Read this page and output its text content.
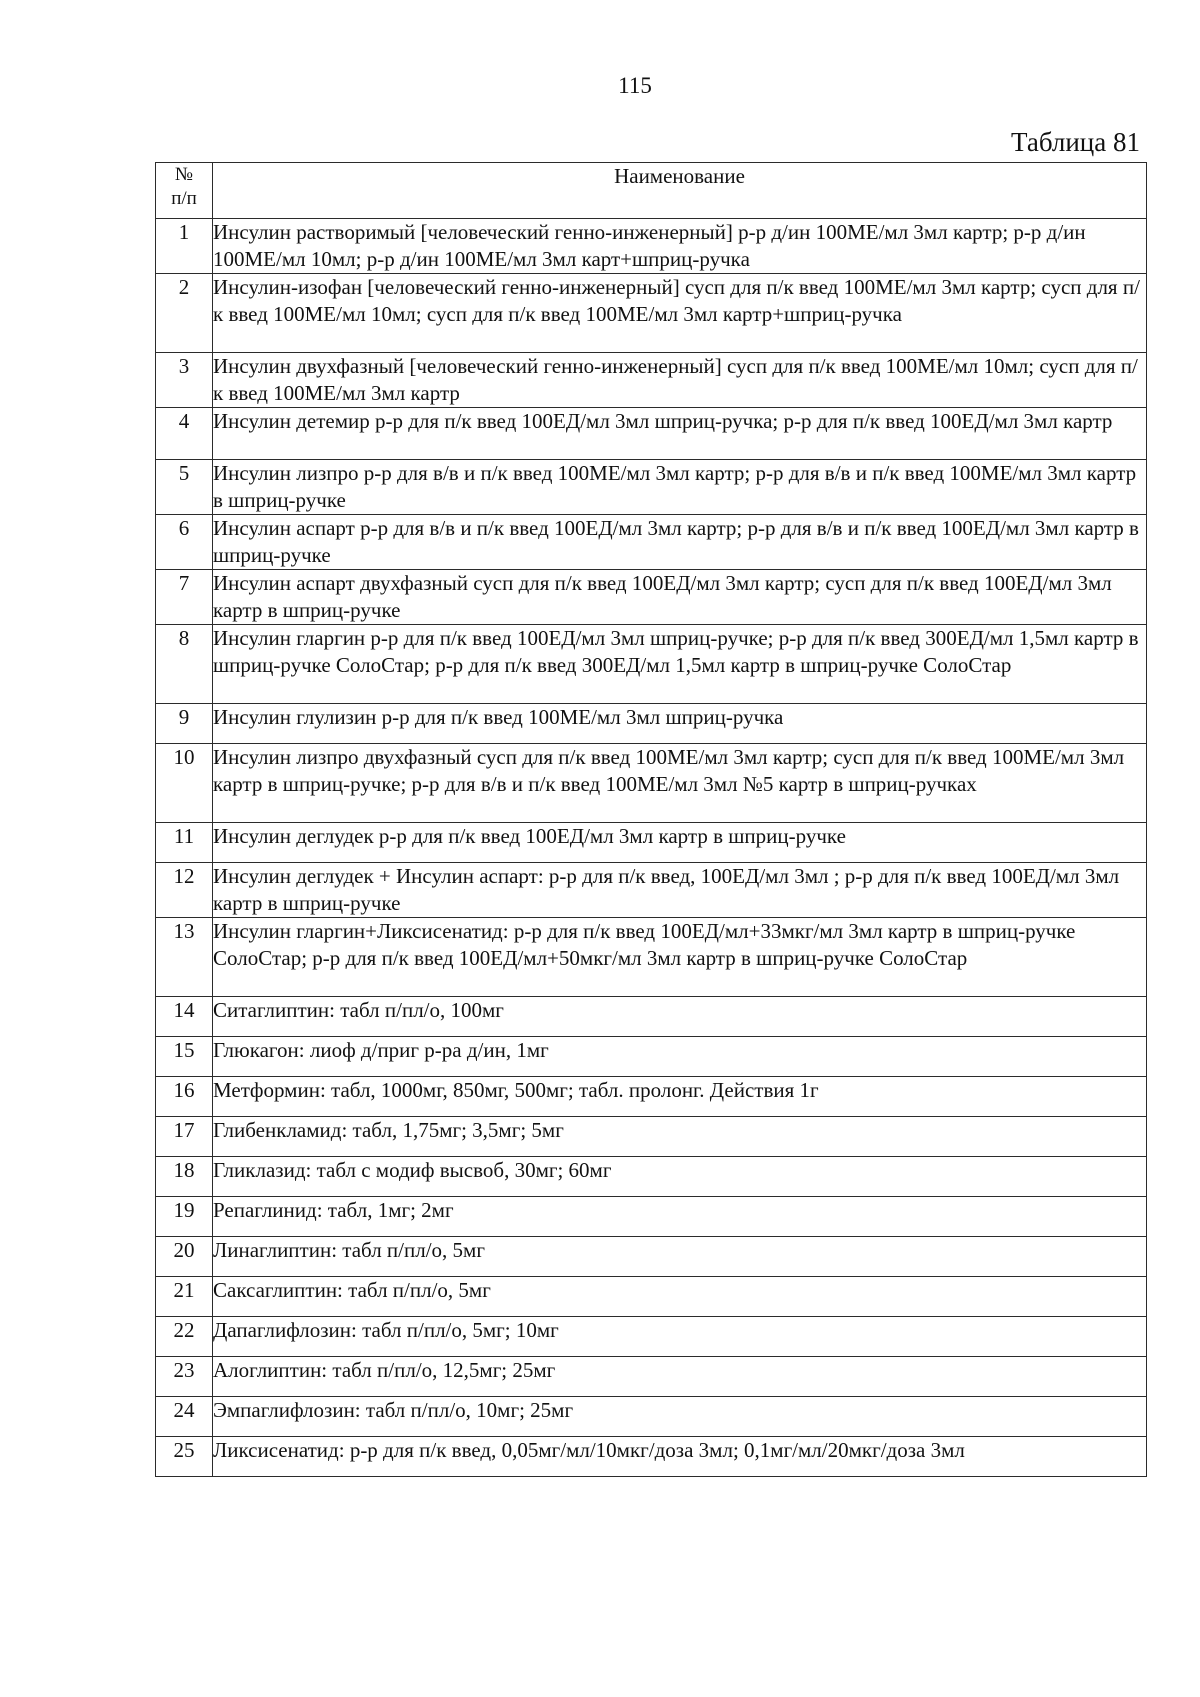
115
Таблица 81
№
п/п	Наименование
1	Инсулин растворимый [человеческий генно-инженерный] р-р д/ин 100МЕ/мл 3мл картр; р-р д/ин 100МЕ/мл 10мл; р-р д/ин 100МЕ/мл 3мл карт+шприц-ручка
2	Инсулин-изофан [человеческий генно-инженерный] сусп для п/к введ 100МЕ/мл 3мл картр; сусп для п/к введ 100МЕ/мл 10мл; сусп для п/к введ 100МЕ/мл 3мл картр+шприц-ручка
3	Инсулин двухфазный [человеческий генно-инженерный] сусп для п/к введ 100МЕ/мл 10мл; сусп для п/к введ 100МЕ/мл 3мл картр
4	Инсулин детемир р-р для п/к введ 100ЕД/мл 3мл шприц-ручка; р-р для п/к введ 100ЕД/мл 3мл картр
5	Инсулин лизпро р-р для в/в и п/к введ 100МЕ/мл 3мл картр; р-р для в/в и п/к введ 100МЕ/мл 3мл картр в шприц-ручке
6	Инсулин аспарт р-р для в/в и п/к введ 100ЕД/мл 3мл картр; р-р для в/в и п/к введ 100ЕД/мл 3мл картр в шприц-ручке
7	Инсулин аспарт двухфазный сусп для п/к введ 100ЕД/мл 3мл картр; сусп для п/к введ 100ЕД/мл 3мл картр в шприц-ручке
8	Инсулин гларгин р-р для п/к введ 100ЕД/мл 3мл шприц-ручке; р-р для п/к введ 300ЕД/мл 1,5мл картр в шприц-ручке СолоСтар; р-р для п/к введ 300ЕД/мл 1,5мл картр в шприц-ручке СолоСтар
9	Инсулин глулизин р-р для п/к введ 100МЕ/мл 3мл шприц-ручка
10	Инсулин лизпро двухфазный сусп для п/к введ 100МЕ/мл 3мл картр; сусп для п/к введ 100МЕ/мл 3мл картр в шприц-ручке; р-р для в/в и п/к введ 100МЕ/мл 3мл №5 картр в шприц-ручках
11	Инсулин деглудек р-р для п/к введ 100ЕД/мл 3мл картр в шприц-ручке
12	Инсулин деглудек + Инсулин аспарт: р-р для п/к введ, 100ЕД/мл 3мл ; р-р для п/к введ 100ЕД/мл 3мл картр в шприц-ручке
13	Инсулин гларгин+Ликсисенатид: р-р для п/к введ 100ЕД/мл+33мкг/мл 3мл картр в шприц-ручке СолоСтар; р-р для п/к введ 100ЕД/мл+50мкг/мл 3мл картр в шприц-ручке СолоСтар
14	Ситаглиптин: табл п/пл/о, 100мг
15	Глюкагон: лиоф д/приг р-ра д/ин, 1мг
16	Метформин: табл, 1000мг, 850мг, 500мг; табл. пролонг. Действия 1г
17	Глибенкламид: табл, 1,75мг; 3,5мг; 5мг
18	Гликлазид: табл с модиф высвоб, 30мг; 60мг
19	Репаглинид: табл, 1мг; 2мг
20	Линаглиптин: табл п/пл/о, 5мг
21	Саксаглиптин: табл п/пл/о, 5мг
22	Дапаглифлозин: табл п/пл/о, 5мг; 10мг
23	Алоглиптин: табл п/пл/о, 12,5мг; 25мг
24	Эмпаглифлозин: табл п/пл/о, 10мг; 25мг
25	Ликсисенатид: р-р для п/к введ, 0,05мг/мл/10мкг/доза 3мл; 0,1мг/мл/20мкг/доза 3мл
